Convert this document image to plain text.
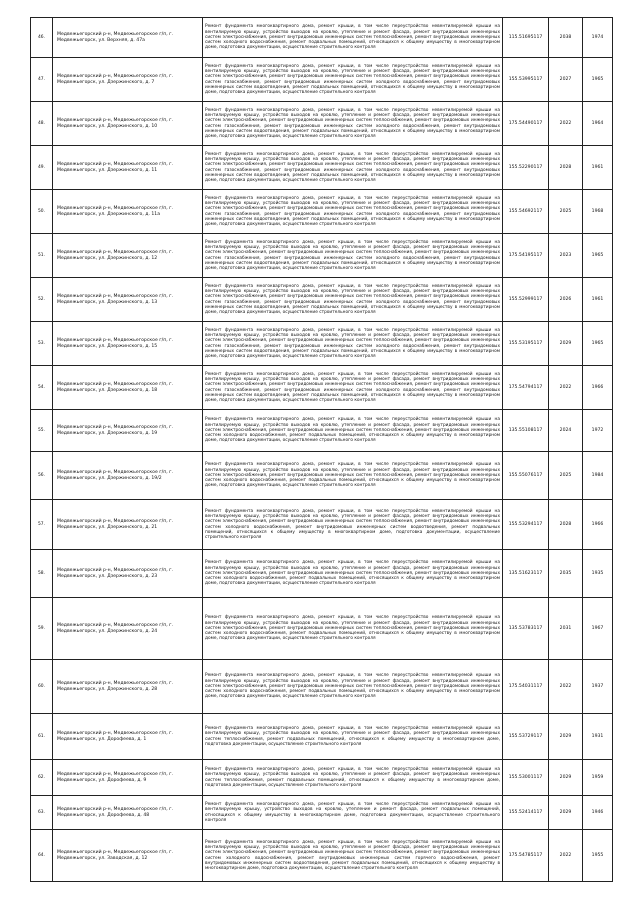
46.	Медвежьегорский р-н, Медвежьегорское г/п, г. Медвежьегорск, ул. Верхняя, д. 47а	Ремонт фундамента многоквартирного дома, ремонт крыши, в том числе переустройство невентилируемой крыши на вентилируемую крышу, устройство выходов на кровлю, утепление и ремонт фасада, ремонт внутридомовых инженерных систем электроснабжения, ремонт внутридомовых инженерных систем теплоснабжения, ремонт внутридомовых инженерных систем холодного водоснабжения, ремонт подвальных помещений, относящихся к общему имуществу в многоквартирном доме, подготовка документации, осуществление строительного контроля	115.51695117	2038	1974
47.	Медвежьегорский р-н, Медвежьегорское г/п, г. Медвежьегорск, ул. Дзержинского, д. 7	Ремонт фундамента многоквартирного дома, ремонт крыши, в том числе переустройство невентилируемой крыши на вентилируемую крышу, устройство выходов на кровлю, утепление и ремонт фасада, ремонт внутридомовых инженерных систем электроснабжения, ремонт внутридомовых инженерных систем теплоснабжения, ремонт внутридомовых инженерных систем газоснабжения, ремонт внутридомовых инженерных систем холодного водоснабжения, ремонт внутридомовых инженерных систем водоотведения, ремонт подвальных помещений, относящихся к общему имуществу в многоквартирном доме, подготовка документации, осуществление строительного контроля	155.53995117	2027	1965
48.	Медвежьегорский р-н, Медвежьегорское г/п, г. Медвежьегорск, ул. Дзержинского, д. 10	Ремонт фундамента многоквартирного дома, ремонт крыши, в том числе переустройство невентилируемой крыши на вентилируемую крышу, устройство выходов на кровлю, утепление и ремонт фасада, ремонт внутридомовых инженерных систем электроснабжения, ремонт внутридомовых инженерных систем теплоснабжения, ремонт внутридомовых инженерных систем газоснабжения, ремонт внутридомовых инженерных систем холодного водоснабжения, ремонт внутридомовых инженерных систем водоотведения, ремонт подвальных помещений, относящихся к общему имуществу в многоквартирном доме, подготовка документации, осуществление строительного контроля	175.54490117	2022	1964
49.	Медвежьегорский р-н, Медвежьегорское г/п, г. Медвежьегорск, ул. Дзержинского, д. 11	Ремонт фундамента многоквартирного дома, ремонт крыши, в том числе переустройство невентилируемой крыши на вентилируемую крышу, устройство выходов на кровлю, утепление и ремонт фасада, ремонт внутридомовых инженерных систем электроснабжения, ремонт внутридомовых инженерных систем теплоснабжения, ремонт внутридомовых инженерных систем газоснабжения, ремонт внутридомовых инженерных систем холодного водоснабжения, ремонт внутридомовых инженерных систем водоотведения, ремонт подвальных помещений, относящихся к общему имуществу в многоквартирном доме, подготовка документации, осуществление строительного контроля	155.52290117	2028	1961
50.	Медвежьегорский р-н, Медвежьегорское г/п, г. Медвежьегорск, ул. Дзержинского, д. 11а	Ремонт фундамента многоквартирного дома, ремонт крыши, в том числе переустройство невентилируемой крыши на вентилируемую крышу, устройство выходов на кровлю, утепление и ремонт фасада, ремонт внутридомовых инженерных систем электроснабжения, ремонт внутридомовых инженерных систем теплоснабжения, ремонт внутридомовых инженерных систем газоснабжения, ремонт внутридомовых инженерных систем холодного водоснабжения, ремонт внутридомовых инженерных систем водоотведения, ремонт подвальных помещений, относящихся к общему имуществу в многоквартирном доме, подготовка документации, осуществление строительного контроля	155.54692117	2025	1968
51.	Медвежьегорский р-н, Медвежьегорское г/п, г. Медвежьегорск, ул. Дзержинского, д. 12	Ремонт фундамента многоквартирного дома, ремонт крыши, в том числе переустройство невентилируемой крыши на вентилируемую крышу, устройство выходов на кровлю, утепление и ремонт фасада, ремонт внутридомовых инженерных систем электроснабжения, ремонт внутридомовых инженерных систем теплоснабжения, ремонт внутридомовых инженерных систем газоснабжения, ремонт внутридомовых инженерных систем холодного водоснабжения, ремонт внутридомовых инженерных систем водоотведения, ремонт подвальных помещений, относящихся к общему имуществу в многоквартирном доме, подготовка документации, осуществление строительного контроля	175.54195117	2023	1965
52.	Медвежьегорский р-н, Медвежьегорское г/п, г. Медвежьегорск, ул. Дзержинского, д. 13	Ремонт фундамента многоквартирного дома, ремонт крыши, в том числе переустройство невентилируемой крыши на вентилируемую крышу, устройство выходов на кровлю, утепление и ремонт фасада, ремонт внутридомовых инженерных систем электроснабжения, ремонт внутридомовых инженерных систем теплоснабжения, ремонт внутридомовых инженерных систем газоснабжения, ремонт внутридомовых инженерных систем холодного водоснабжения, ремонт внутридомовых инженерных систем водоотведения, ремонт подвальных помещений, относящихся к общему имуществу в многоквартирном доме, подготовка документации, осуществление строительного контроля	155.52999117	2026	1961
53.	Медвежьегорский р-н, Медвежьегорское г/п, г. Медвежьегорск, ул. Дзержинского, д. 15	Ремонт фундамента многоквартирного дома, ремонт крыши, в том числе переустройство невентилируемой крыши на вентилируемую крышу, устройство выходов на кровлю, утепление и ремонт фасада, ремонт внутридомовых инженерных систем электроснабжения, ремонт внутридомовых инженерных систем теплоснабжения, ремонт внутридомовых инженерных систем газоснабжения, ремонт внутридомовых инженерных систем холодного водоснабжения, ремонт внутридомовых инженерных систем водоотведения, ремонт подвальных помещений, относящихся к общему имуществу в многоквартирном доме, подготовка документации, осуществление строительного контроля	155.53195117	2029	1965
54.	Медвежьегорский р-н, Медвежьегорское г/п, г. Медвежьегорск, ул. Дзержинского, д. 18	Ремонт фундамента многоквартирного дома, ремонт крыши, в том числе переустройство невентилируемой крыши на вентилируемую крышу, устройство выходов на кровлю, утепление и ремонт фасада, ремонт внутридомовых инженерных систем электроснабжения, ремонт внутридомовых инженерных систем теплоснабжения, ремонт внутридомовых инженерных систем газоснабжения, ремонт внутридомовых инженерных систем холодного водоснабжения, ремонт внутридомовых инженерных систем водоотведения, ремонт подвальных помещений, относящихся к общему имуществу в многоквартирном доме, подготовка документации, осуществление строительного контроля	175.54794117	2022	1966
55.	Медвежьегорский р-н, Медвежьегорское г/п, г. Медвежьегорск, ул. Дзержинского, д. 19	Ремонт фундамента многоквартирного дома, ремонт крыши, в том числе переустройство невентилируемой крыши на вентилируемую крышу, устройство выходов на кровлю, утепление и ремонт фасада, ремонт внутридомовых инженерных систем электроснабжения, ремонт внутридомовых инженерных систем теплоснабжения, ремонт внутридомовых инженерных систем холодного водоснабжения, ремонт подвальных помещений, относящихся к общему имуществу в многоквартирном доме, подготовка документации, осуществление строительного контроля	135.55108117	2024	1972
56.	Медвежьегорский р-н, Медвежьегорское г/п, г. Медвежьегорск, ул. Дзержинского, д. 19/2	Ремонт фундамента многоквартирного дома, ремонт крыши, в том числе переустройство невентилируемой крыши на вентилируемую крышу, устройство выходов на кровлю, утепление и ремонт фасада, ремонт внутридомовых инженерных систем электроснабжения, ремонт внутридомовых инженерных систем теплоснабжения, ремонт внутридомовых инженерных систем холодного водоснабжения, ремонт подвальных помещений, относящихся к общему имуществу в многоквартирном доме, подготовка документации, осуществление строительного контроля	155.55076117	2025	1984
57.	Медвежьегорский р-н, Медвежьегорское г/п, г. Медвежьегорск, ул. Дзержинского, д. 21	Ремонт фундамента многоквартирного дома, ремонт крыши, в том числе переустройство невентилируемой крыши на вентилируемую крышу, устройство выходов на кровлю, утепление и ремонт фасада, ремонт внутридомовых инженерных систем электроснабжения, ремонт внутридомовых инженерных систем теплоснабжения, ремонт внутридомовых инженерных систем холодного водоснабжения, ремонт внутридомовых инженерных систем водоотведения, ремонт подвальных помещений, относящихся к общему имуществу в многоквартирном доме, подготовка документации, осуществление строительного контроля	155.53294117	2028	1966
58.	Медвежьегорский р-н, Медвежьегорское г/п, г. Медвежьегорск, ул. Дзержинского, д. 23	Ремонт фундамента многоквартирного дома, ремонт крыши, в том числе переустройство невентилируемой крыши на вентилируемую крышу, устройство выходов на кровлю, утепление и ремонт фасада, ремонт внутридомовых инженерных систем электроснабжения, ремонт внутридомовых инженерных систем теплоснабжения, ремонт внутридомовых инженерных систем холодного водоснабжения, ремонт подвальных помещений, относящихся к общему имуществу в многоквартирном доме, подготовка документации, осуществление строительного контроля	135.51623117	2035	1935
59.	Медвежьегорский р-н, Медвежьегорское г/п, г. Медвежьегорск, ул. Дзержинского, д. 24	Ремонт фундамента многоквартирного дома, ремонт крыши, в том числе переустройство невентилируемой крыши на вентилируемую крышу, устройство выходов на кровлю, утепление и ремонт фасада, ремонт внутридомовых инженерных систем электроснабжения, ремонт внутридомовых инженерных систем теплоснабжения, ремонт внутридомовых инженерных систем холодного водоснабжения, ремонт подвальных помещений, относящихся к общему имуществу в многоквартирном доме, подготовка документации, осуществление строительного контроля	135.53783117	2031	1967
60.	Медвежьегорский р-н, Медвежьегорское г/п, г. Медвежьегорск, ул. Дзержинского, д. 28	Ремонт фундамента многоквартирного дома, ремонт крыши, в том числе переустройство невентилируемой крыши на вентилируемую крышу, устройство выходов на кровлю, утепление и ремонт фасада, ремонт внутридомовых инженерных систем электроснабжения, ремонт внутридомовых инженерных систем теплоснабжения, ремонт внутридомовых инженерных систем холодного водоснабжения, ремонт подвальных помещений, относящихся к общему имуществу в многоквартирном доме, подготовка документации, осуществление строительного контроля	175.54031117	2022	1937
61.	Медвежьегорский р-н, Медвежьегорское г/п, г. Медвежьегорск, ул. Дорофеева, д. 1	Ремонт фундамента многоквартирного дома, ремонт крыши, в том числе переустройство невентилируемой крыши на вентилируемую крышу, устройство выходов на кровлю, утепление и ремонт фасада, ремонт внутридомовых инженерных систем теплоснабжения, ремонт подвальных помещений, относящихся к общему имуществу в многоквартирном доме, подготовка документации, осуществление строительного контроля	155.53729117	2029	1931
62.	Медвежьегорский р-н, Медвежьегорское г/п, г. Медвежьегорск, ул. Дорофеева, д. 9	Ремонт фундамента многоквартирного дома, ремонт крыши, в том числе переустройство невентилируемой крыши на вентилируемую крышу, устройство выходов на кровлю, утепление и ремонт фасада, ремонт внутридомовых инженерных систем теплоснабжения, ремонт подвальных помещений, относящихся к общему имуществу в многоквартирном доме, подготовка документации, осуществление строительного контроля	155.53001117	2029	1959
63.	Медвежьегорский р-н, Медвежьегорское г/п, г. Медвежьегорск, ул. Дорофеева, д. 48	Ремонт фундамента многоквартирного дома, ремонт крыши, в том числе переустройство невентилируемой крыши на вентилируемую крышу, устройство выходов на кровлю, утепление и ремонт фасада, ремонт подвальных помещений, относящихся к общему имуществу в многоквартирном доме, подготовка документации, осуществление строительного контроля	155.52414117	2029	1946
64.	Медвежьегорский р-н, Медвежьегорское г/п, г. Медвежьегорск, ул. Заводская, д. 12	Ремонт фундамента многоквартирного дома, ремонт крыши, в том числе переустройство невентилируемой крыши на вентилируемую крышу, устройство выходов на кровлю, утепление и ремонт фасада, ремонт внутридомовых инженерных систем электроснабжения, ремонт внутридомовых инженерных систем теплоснабжения, ремонт внутридомовых инженерных систем холодного водоснабжения, ремонт внутридомовых инженерных систем горячего водоснабжения, ремонт внутридомовых инженерных систем водоотведения, ремонт подвальных помещений, относящихся к общему имуществу в многоквартирном доме, подготовка документации, осуществление строительного контроля	175.54785117	2022	1955
